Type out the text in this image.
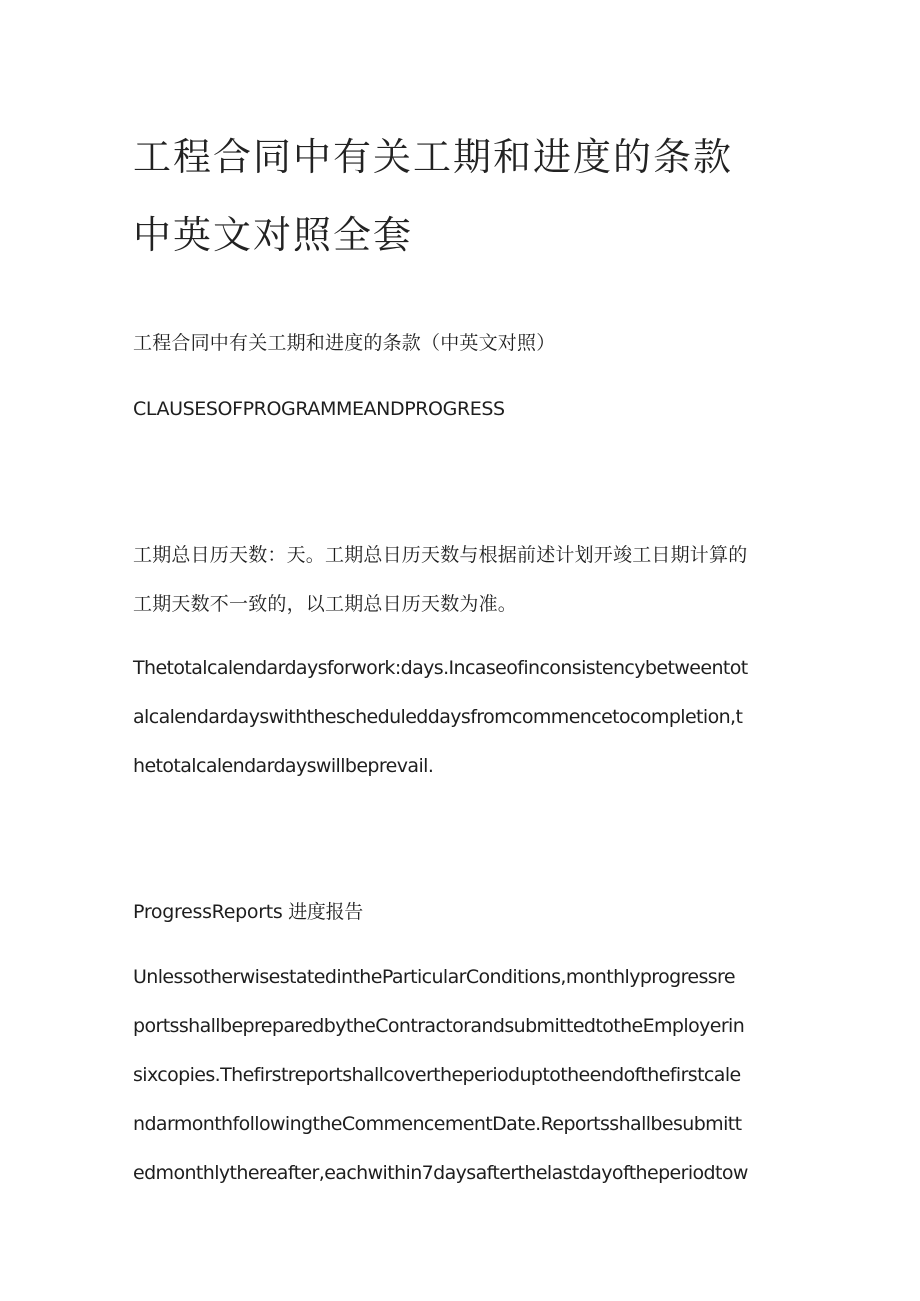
工程合同中有关工期和进度的条款
中英文对照全套

工程合同中有关工期和进度的条款（中英文对照）

CLAUSESOFPROGRAMMEANDPROGRESS

工期总日历天数：天。工期总日历天数与根据前述计划开竣工日期计算的

工期天数不一致的，以工期总日历天数为准。

Thetotalcalendardaysforwork:days.Incaseofinconsistencybetweentot

alcalendardayswiththescheduleddaysfromcommencetocompletion,t

hetotalcalendardayswillbeprevail.

ProgressReports 进度报告

UnlessotherwisestatedintheParticularConditions,monthlyprogressre

portsshallbepreparedbytheContractorandsubmittedtotheEmployerin

sixcopies.Thefirstreportshallcovertheperioduptotheendofthefirstcale

ndarmonthfollowingtheCommencementDate.Reportsshallbesubmitt

edmonthlythereafter,eachwithin7daysafterthelastdayoftheperiodtow
